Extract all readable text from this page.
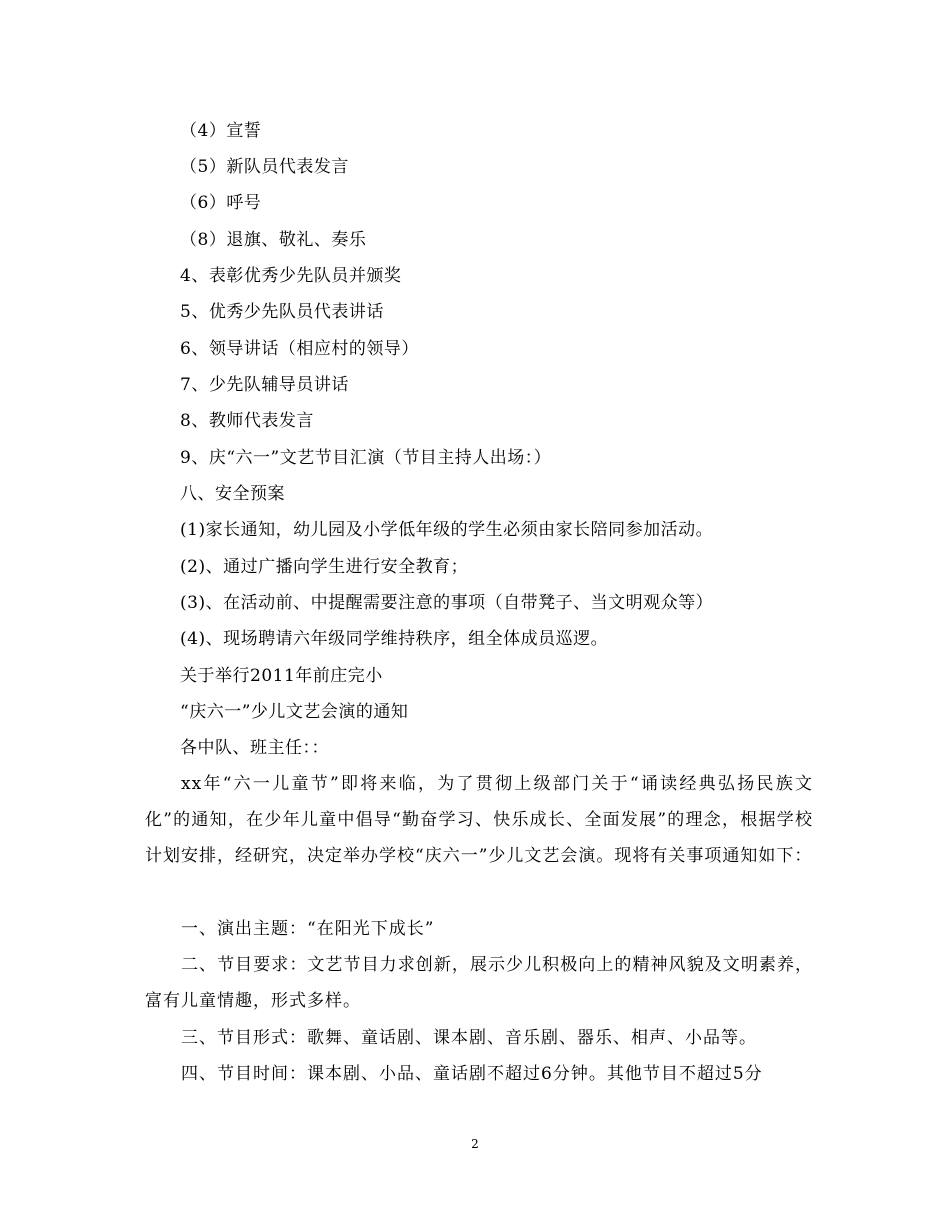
（4）宣誓
（5）新队员代表发言
（6）呼号
（8）退旗、敬礼、奏乐
4、表彰优秀少先队员并颁奖
5、优秀少先队员代表讲话
6、领导讲话（相应村的领导）
7、少先队辅导员讲话
8、教师代表发言
9、庆“六一”文艺节目汇演（节目主持人出场：）
八、安全预案
(1)家长通知，幼儿园及小学低年级的学生必须由家长陪同参加活动。
(2)、通过广播向学生进行安全教育；
(3)、在活动前、中提醒需要注意的事项（自带凳子、当文明观众等）
(4)、现场聘请六年级同学维持秩序，组全体成员巡逻。
关于举行2011年前庄完小
“庆六一”少儿文艺会演的通知
各中队、班主任：：

xx年“六一儿童节”即将来临，为了贯彻上级部门关于“诵读经典弘扬民族文化”的通知，在少年儿童中倡导“勤奋学习、快乐成长、全面发展”的理念，根据学校计划安排，经研究，决定举办学校“庆六一”少儿文艺会演。现将有关事项通知如下：

一、演出主题：“在阳光下成长”

二、节目要求：文艺节目力求创新，展示少儿积极向上的精神风貌及文明素养，富有儿童情趣，形式多样。

三、节目形式：歌舞、童话剧、课本剧、音乐剧、器乐、相声、小品等。

四、节目时间：课本剧、小品、童话剧不超过6分钟。其他节目不超过5分

2
